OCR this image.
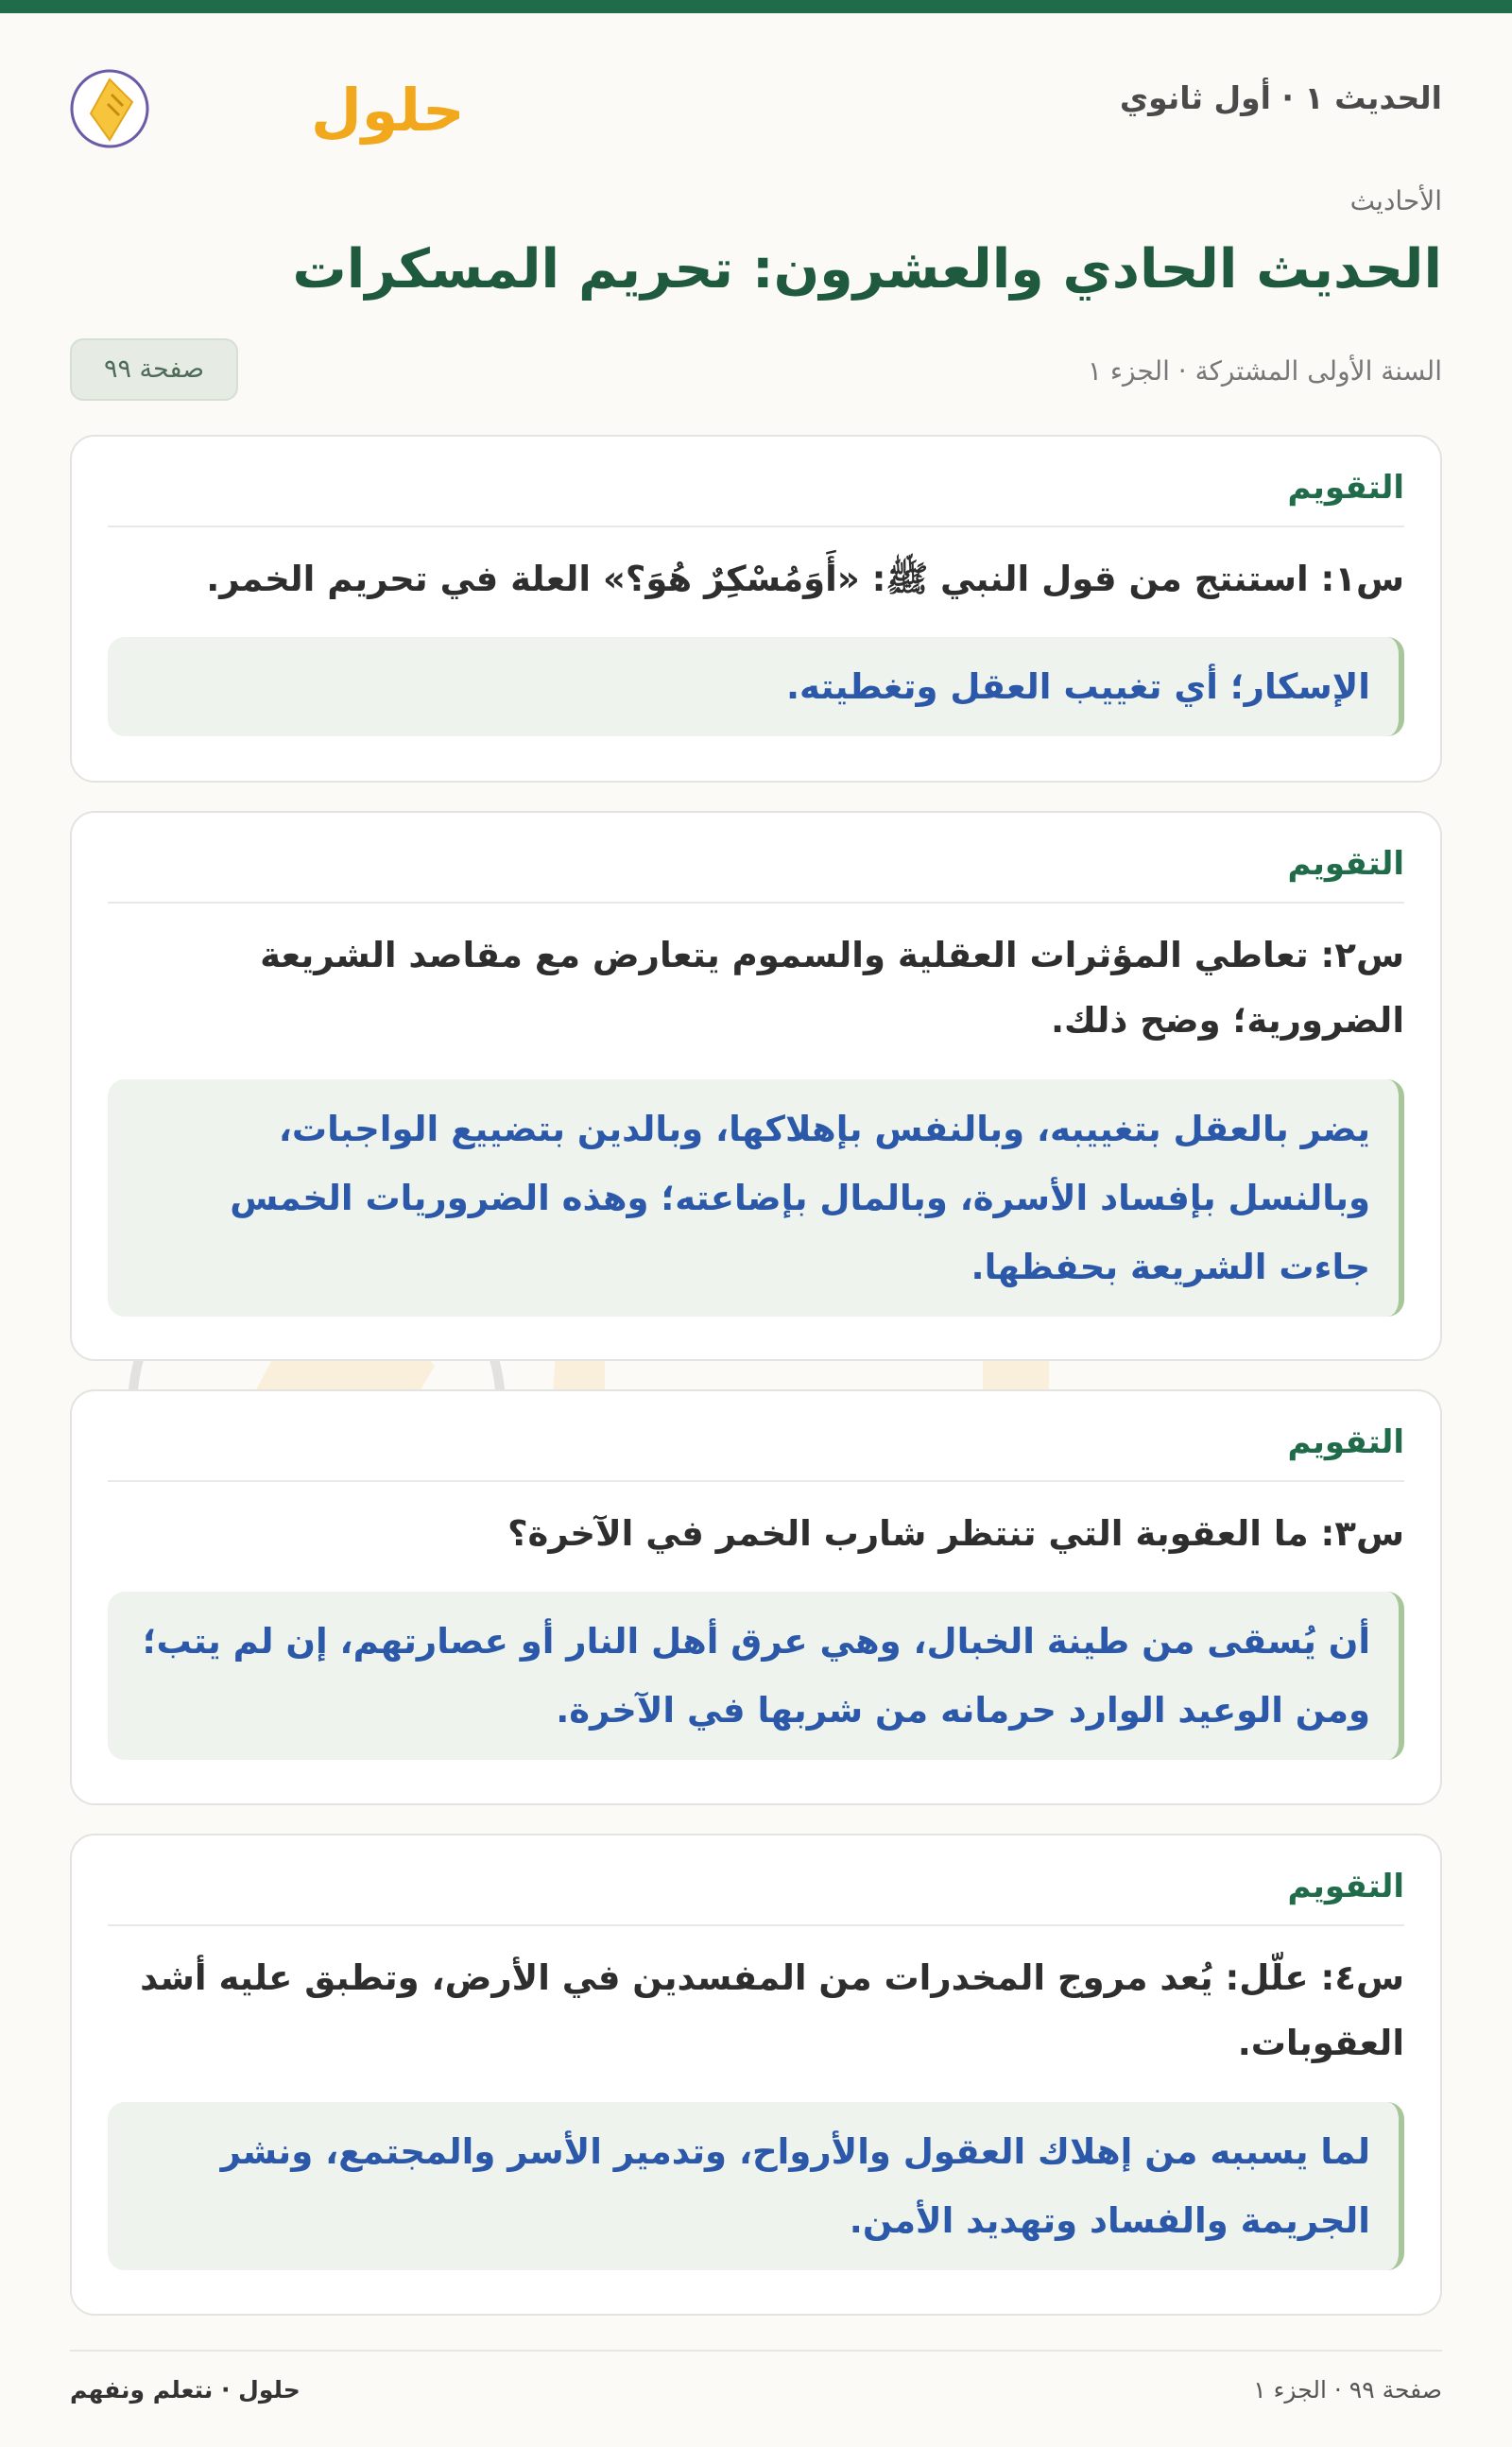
الحديث ١ · أول ثانوي
حلول
الأحاديث
الحديث الحادي والعشرون: تحريم المسكرات
السنة الأولى المشتركة · الجزء ١
صفحة ٩٩
التقويم

س١: استنتج من قول النبي ﷺ: «أَوَمُسْكِرٌ هُوَ؟» العلة في تحريم الخمر.

الإسكار؛ أي تغييب العقل وتغطيته.
التقويم

س٢: تعاطي المؤثرات العقلية والسموم يتعارض مع مقاصد الشريعة الضرورية؛ وضح ذلك.

يضر بالعقل بتغييبه، وبالنفس بإهلاكها، وبالدين بتضييع الواجبات، وبالنسل بإفساد الأسرة، وبالمال بإضاعته؛ وهذه الضروريات الخمس جاءت الشريعة بحفظها.
التقويم

س٣: ما العقوبة التي تنتظر شارب الخمر في الآخرة؟

أن يُسقى من طينة الخبال، وهي عرق أهل النار أو عصارتهم، إن لم يتب؛ ومن الوعيد الوارد حرمانه من شربها في الآخرة.
التقويم

س٤: علّل: يُعد مروج المخدرات من المفسدين في الأرض، وتطبق عليه أشد العقوبات.

لما يسببه من إهلاك العقول والأرواح، وتدمير الأسر والمجتمع، ونشر الجريمة والفساد وتهديد الأمن.
حلول · نتعلم ونفهم	صفحة ٩٩ · الجزء ١
